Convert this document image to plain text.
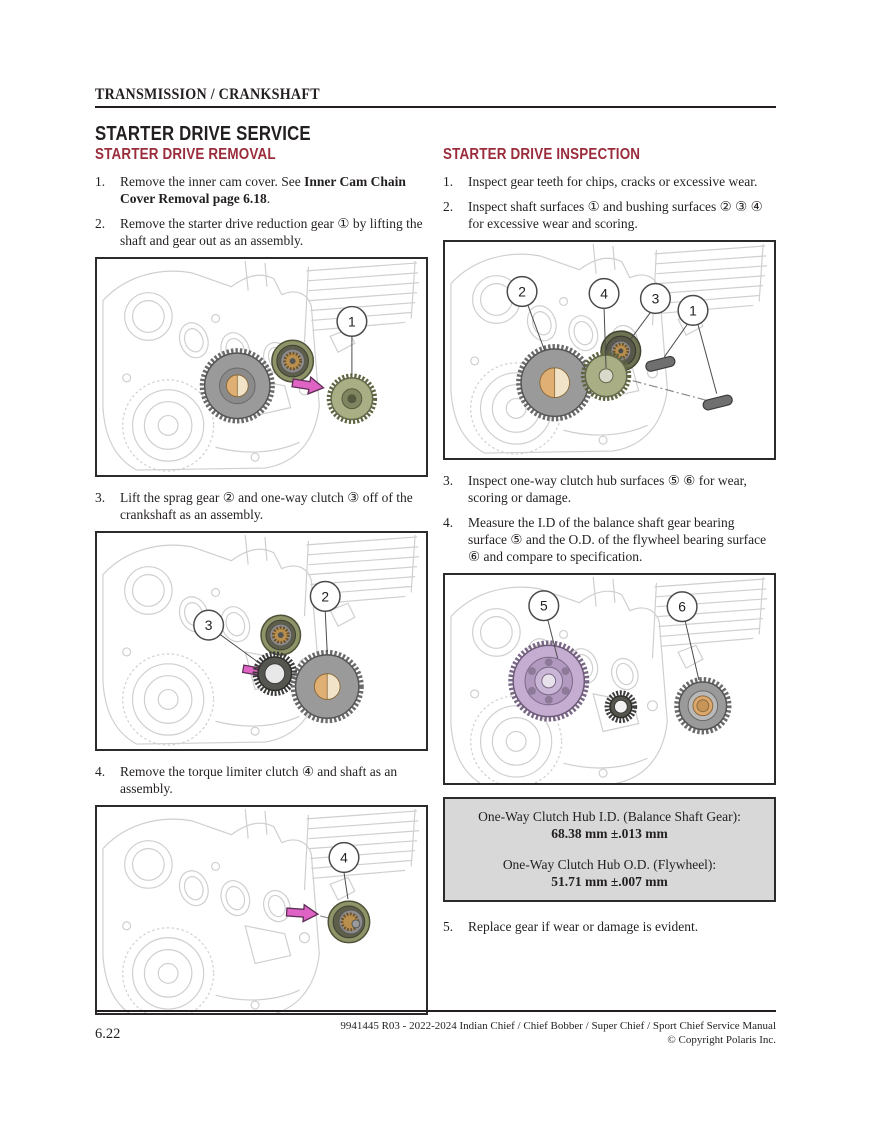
TRANSMISSION / CRANKSHAFT
STARTER DRIVE SERVICE
STARTER DRIVE REMOVAL
1.	Remove the inner cam cover. See Inner Cam Chain Cover Removal page 6.18.
2.	Remove the starter drive reduction gear ① by lifting the shaft and gear out as an assembly.
1
3.	Lift the sprag gear ② and one-way clutch ③ off of the crankshaft as an assembly.
3
2
4.	Remove the torque limiter clutch ④ and shaft as an assembly.
4
STARTER DRIVE INSPECTION
1.	Inspect gear teeth for chips, cracks or excessive wear.
2.	Inspect shaft surfaces ① and bushing surfaces ② ③ ④ for excessive wear and scoring.
2	4	3
1
3.	Inspect one-way clutch hub surfaces ⑤ ⑥ for wear, scoring or damage.
4.	Measure the I.D of the balance shaft gear bearing surface ⑤ and the O.D. of the flywheel bearing surface ⑥ and compare to specification.
5	6
One-Way Clutch Hub I.D. (Balance Shaft Gear):
68.38 mm ±.013 mm
One-Way Clutch Hub O.D. (Flywheel):
51.71 mm ±.007 mm
5.	Replace gear if wear or damage is evident.
6.22	9941445 R03 - 2022-2024 Indian Chief / Chief Bobber / Super Chief / Sport Chief Service Manual
© Copyright Polaris Inc.
